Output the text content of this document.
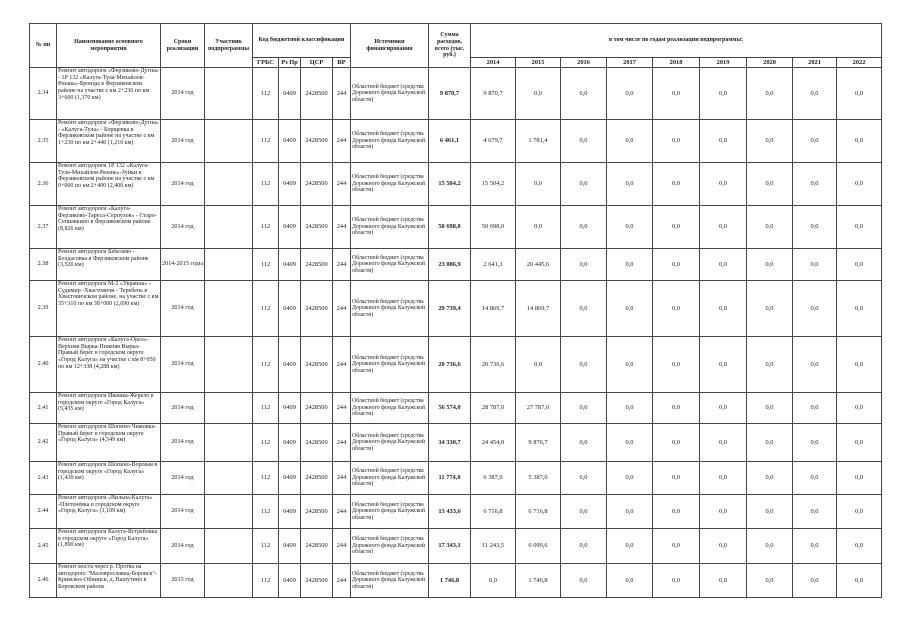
№ пп	Наименование основного мероприятия	Сроки реализации	Участник подпрограммы	Код бюджетной классификации				Источники финансирования	Сумма расходов, всего (тыс. руб.)	в том числе по годам реализации подпрограммы:								
				ГРБС	Рз Пр	ЦСР	ВР			2014	2015	2016	2017	2018	2019	2020	2021	2022
2.34	Ремонт автодороги «Ферзиково-Дугна» - 1Р 132 «Калуга-Тула-Михайлов-Рязань»-Бронцы в Ферзиковском районе на участке с км 2+230 по км 3+600 (1,370 км)	2014 год		112	0409	2428500	244	Областной бюджет (средства Дорожного фонда Калужской области)	9 870,7	9 870,7	0,0	0,0	0,0	0,0	0,0	0,0	0,0	0,0
2.35	Ремонт автодороги «Ферзиково-Дугна» - «Калуга-Тула» - Борщевка в Ферзиковском районе на участке с км 1+230 по км 2+440 (1,210 км)	2014 год		112	0409	2428500	244	Областной бюджет (средства Дорожного фонда Калужской области)	6 461,1	4 679,7	1 781,4	0,0	0,0	0,0	0,0	0,0	0,0	0,0
2.36	Ремонт автодороги 1Р 132 «Калуга-Тула-Михайлов-Рязань»-Зуйки в Ферзиковском районе на участке с км 0+000 по км 2+400 (2,400 км)	2014 год		112	0409	2428500	244	Областной бюджет (средства Дорожного фонда Калужской области)	15 504,2	15 504,2	0,0	0,0	0,0	0,0	0,0	0,0	0,0	0,0
2.37	Ремонт автодороги «Калуга-Ферзиково-Таруса-Серпухов» - Старо-Сепиавкино в Ферзиковском районе (8,826 км)	2014 год		112	0409	2428500	244	Областной бюджет (средства Дорожного фонда Калужской области)	50 698,0	50 698,0	0,0	0,0	0,0	0,0	0,0	0,0	0,0	0,0
2.38	Ремонт автодороги Бебелево - Болдасовка в Ферзиковском районе (3,520 км)	2014-2015 годы		112	0409	2428500	244	Областной бюджет (средства Дорожного фонда Калужской области)	23 086,9	2 641,3	20 445,6	0,0	0,0	0,0	0,0	0,0	0,0	0,0
2.39	Ремонт автодороги М-2 «Украина» - Судимир -Хвастовичи - Теребень в Хвастовичском районе, на участке с км 35+310 по км 38+000 (2,690 км)	2014 год		112	0409	2428500	244	Областной бюджет (средства Дорожного фонда Калужской области)	29 739,4	14 869,7	14 869,7	0,0	0,0	0,0	0,0	0,0	0,0	0,0
2.40	Ремонт автодороги «Калуга-Орел»-Верхняя Вырка-Нижняя Вырка-Правый берег в городском округе «Город Калуга» на участке с км 8+050 по км 12+338 (4,288 км)	2014 год		112	0409	2428500	244	Областной бюджет (средства Дорожного фонда Калужской области)	20 736,6	20 736,6	0,0	0,0	0,0	0,0	0,0	0,0	0,0	0,0
2.41	Ремонт автодороги Ивашка-Жерело в городском округе «Город Калуга» (5,435 км)	2014 год		112	0409	2428500	244	Областной бюджет (средства Дорожного фонда Калужской области)	56 574,0	28 787,0	27 787,0	0,0	0,0	0,0	0,0	0,0	0,0	0,0
2.42	Ремонт автодороги Шопино-Чижовка-Правый берег в городском округе «Город Калуга» (4,549 км)	2014 год		112	0409	2428500	244	Областной бюджет (средства Дорожного фонда Калужской области)	34 330,7	24 454,0	9 876,7	0,0	0,0	0,0	0,0	0,0	0,0	0,0
2.43	Ремонт автодороги Шопино-Воровая в городском округе «Город Калуга» (1,430 км)	2014 год		112	0409	2428500	244	Областной бюджет (средства Дорожного фонда Калужской области)	11 774,0	6 387,0	5 387,0	0,0	0,0	0,0	0,0	0,0	0,0	0,0
2.44	Ремонт автодороги «Вильна-Калуга» -Плетенёвка в городском округе «Город Калуга» (1,109 км)	2014 год		112	0409	2428500	244	Областной бюджет (средства Дорожного фонда Калужской области)	13 433,6	6 716,8	6 716,8	0,0	0,0	0,0	0,0	0,0	0,0	0,0
2.45	Ремонт автодороги Калуга-Ястребовка в городском округе «Город Калуга» (1,890 км)	2014 год		112	0409	2428500	244	Областной бюджет (средства Дорожного фонда Калужской области)	17 343,1	11 243,5	6 099,6	0,0	0,0	0,0	0,0	0,0	0,0	0,0
2.46	Ремонт моста через р. Протва на автодороге "Малоярославец-Боровск"-Кривское-Обнинск, д. Вашутино в Боровском районе	2015 год		112	0409	2428500	244	Областной бюджет (средства Дорожного фонда Калужской области)	1 746,8	0,0	1 746,8	0,0	0,0	0,0	0,0	0,0	0,0	0,0
